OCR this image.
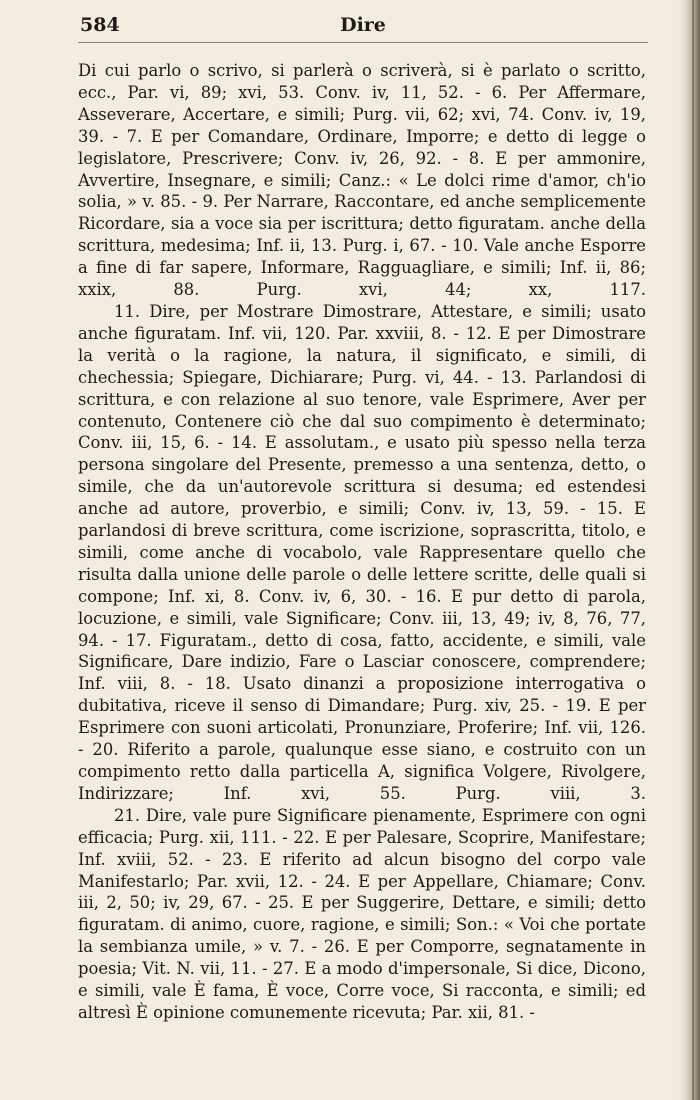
584	Dire

Di cui parlo o scrivo, si parlerà o scriverà, si è parlato o scritto, ecc., Par. vi, 89; xvi, 53. Conv. iv, 11, 52. - 6. Per Affermare, Asseverare, Accertare, e simili; Purg. vii, 62; xvi, 74. Conv. iv, 19, 39. - 7. E per Comandare, Ordinare, Imporre; e detto di legge o legislatore, Prescrivere; Conv. iv, 26, 92. - 8. E per ammonire, Avvertire, Insegnare, e simili; Canz.: « Le dolci rime d'amor, ch'io solia, » v. 85. - 9. Per Narrare, Raccontare, ed anche semplicemente Ricordare, sia a voce sia per iscrittura; detto figuratam. anche della scrittura, medesima; Inf. ii, 13. Purg. i, 67. - 10. Vale anche Esporre a fine di far sapere, Informare, Ragguagliare, e simili; Inf. ii, 86; xxix, 88. Purg. xvi, 44; xx, 117.

11. Dire, per Mostrare Dimostrare, Attestare, e simili; usato anche figuratam. Inf. vii, 120. Par. xxviii, 8. - 12. E per Dimostrare la verità o la ragione, la natura, il significato, e simili, di chechessia; Spiegare, Dichiarare; Purg. vi, 44. - 13. Parlandosi di scrittura, e con relazione al suo tenore, vale Esprimere, Aver per contenuto, Contenere ciò che dal suo compimento è determinato; Conv. iii, 15, 6. - 14. E assolutam., e usato più spesso nella terza persona singolare del Presente, premesso a una sentenza, detto, o simile, che da un'autorevole scrittura si desuma; ed estendesi anche ad autore, proverbio, e simili; Conv. iv, 13, 59. - 15. E parlandosi di breve scrittura, come iscrizione, soprascritta, titolo, e simili, come anche di vocabolo, vale Rappresentare quello che risulta dalla unione delle parole o delle lettere scritte, delle quali si compone; Inf. xi, 8. Conv. iv, 6, 30. - 16. E pur detto di parola, locuzione, e simili, vale Significare; Conv. iii, 13, 49; iv, 8, 76, 77, 94. - 17. Figuratam., detto di cosa, fatto, accidente, e simili, vale Significare, Dare indizio, Fare o Lasciar conoscere, comprendere; Inf. viii, 8. - 18. Usato dinanzi a proposizione interrogativa o dubitativa, riceve il senso di Dimandare; Purg. xiv, 25. - 19. E per Esprimere con suoni articolati, Pronunziare, Proferire; Inf. vii, 126. - 20. Riferito a parole, qualunque esse siano, e costruito con un compimento retto dalla particella A, significa Volgere, Rivolgere, Indirizzare; Inf. xvi, 55. Purg. viii, 3.

21. Dire, vale pure Significare pienamente, Esprimere con ogni efficacia; Purg. xii, 111. - 22. E per Palesare, Scoprire, Manifestare; Inf. xviii, 52. - 23. E riferito ad alcun bisogno del corpo vale Manifestarlo; Par. xvii, 12. - 24. E per Appellare, Chiamare; Conv. iii, 2, 50; iv, 29, 67. - 25. E per Suggerire, Dettare, e simili; detto figuratam. di animo, cuore, ragione, e simili; Son.: « Voi che portate la sembianza umile, » v. 7. - 26. E per Comporre, segnatamente in poesia; Vit. N. vii, 11. - 27. E a modo d'impersonale, Si dice, Dicono, e simili, vale È fama, È voce, Corre voce, Si racconta, e simili; ed altresì È opinione comunemente ricevuta; Par. xii, 81. -
